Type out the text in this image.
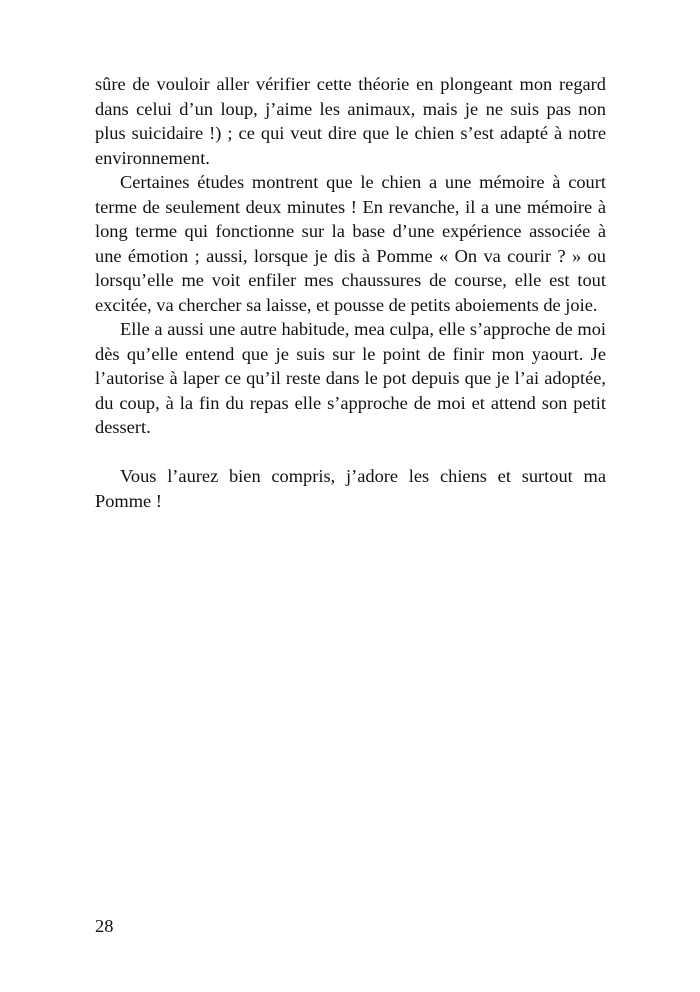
sûre de vouloir aller vérifier cette théorie en plongeant mon regard dans celui d’un loup, j’aime les animaux, mais je ne suis pas non plus suicidaire !) ; ce qui veut dire que le chien s’est adapté à notre environnement.

Certaines études montrent que le chien a une mémoire à court terme de seulement deux minutes ! En revanche, il a une mémoire à long terme qui fonctionne sur la base d’une expérience associée à une émotion ; aussi, lorsque je dis à Pomme « On va courir ? » ou lorsqu’elle me voit enfiler mes chaussures de course, elle est tout excitée, va chercher sa laisse, et pousse de petits aboiements de joie.

Elle a aussi une autre habitude, mea culpa, elle s’approche de moi dès qu’elle entend que je suis sur le point de finir mon yaourt. Je l’autorise à laper ce qu’il reste dans le pot depuis que je l’ai adoptée, du coup, à la fin du repas elle s’approche de moi et attend son petit dessert.

Vous l’aurez bien compris, j’adore les chiens et surtout ma Pomme !

28
